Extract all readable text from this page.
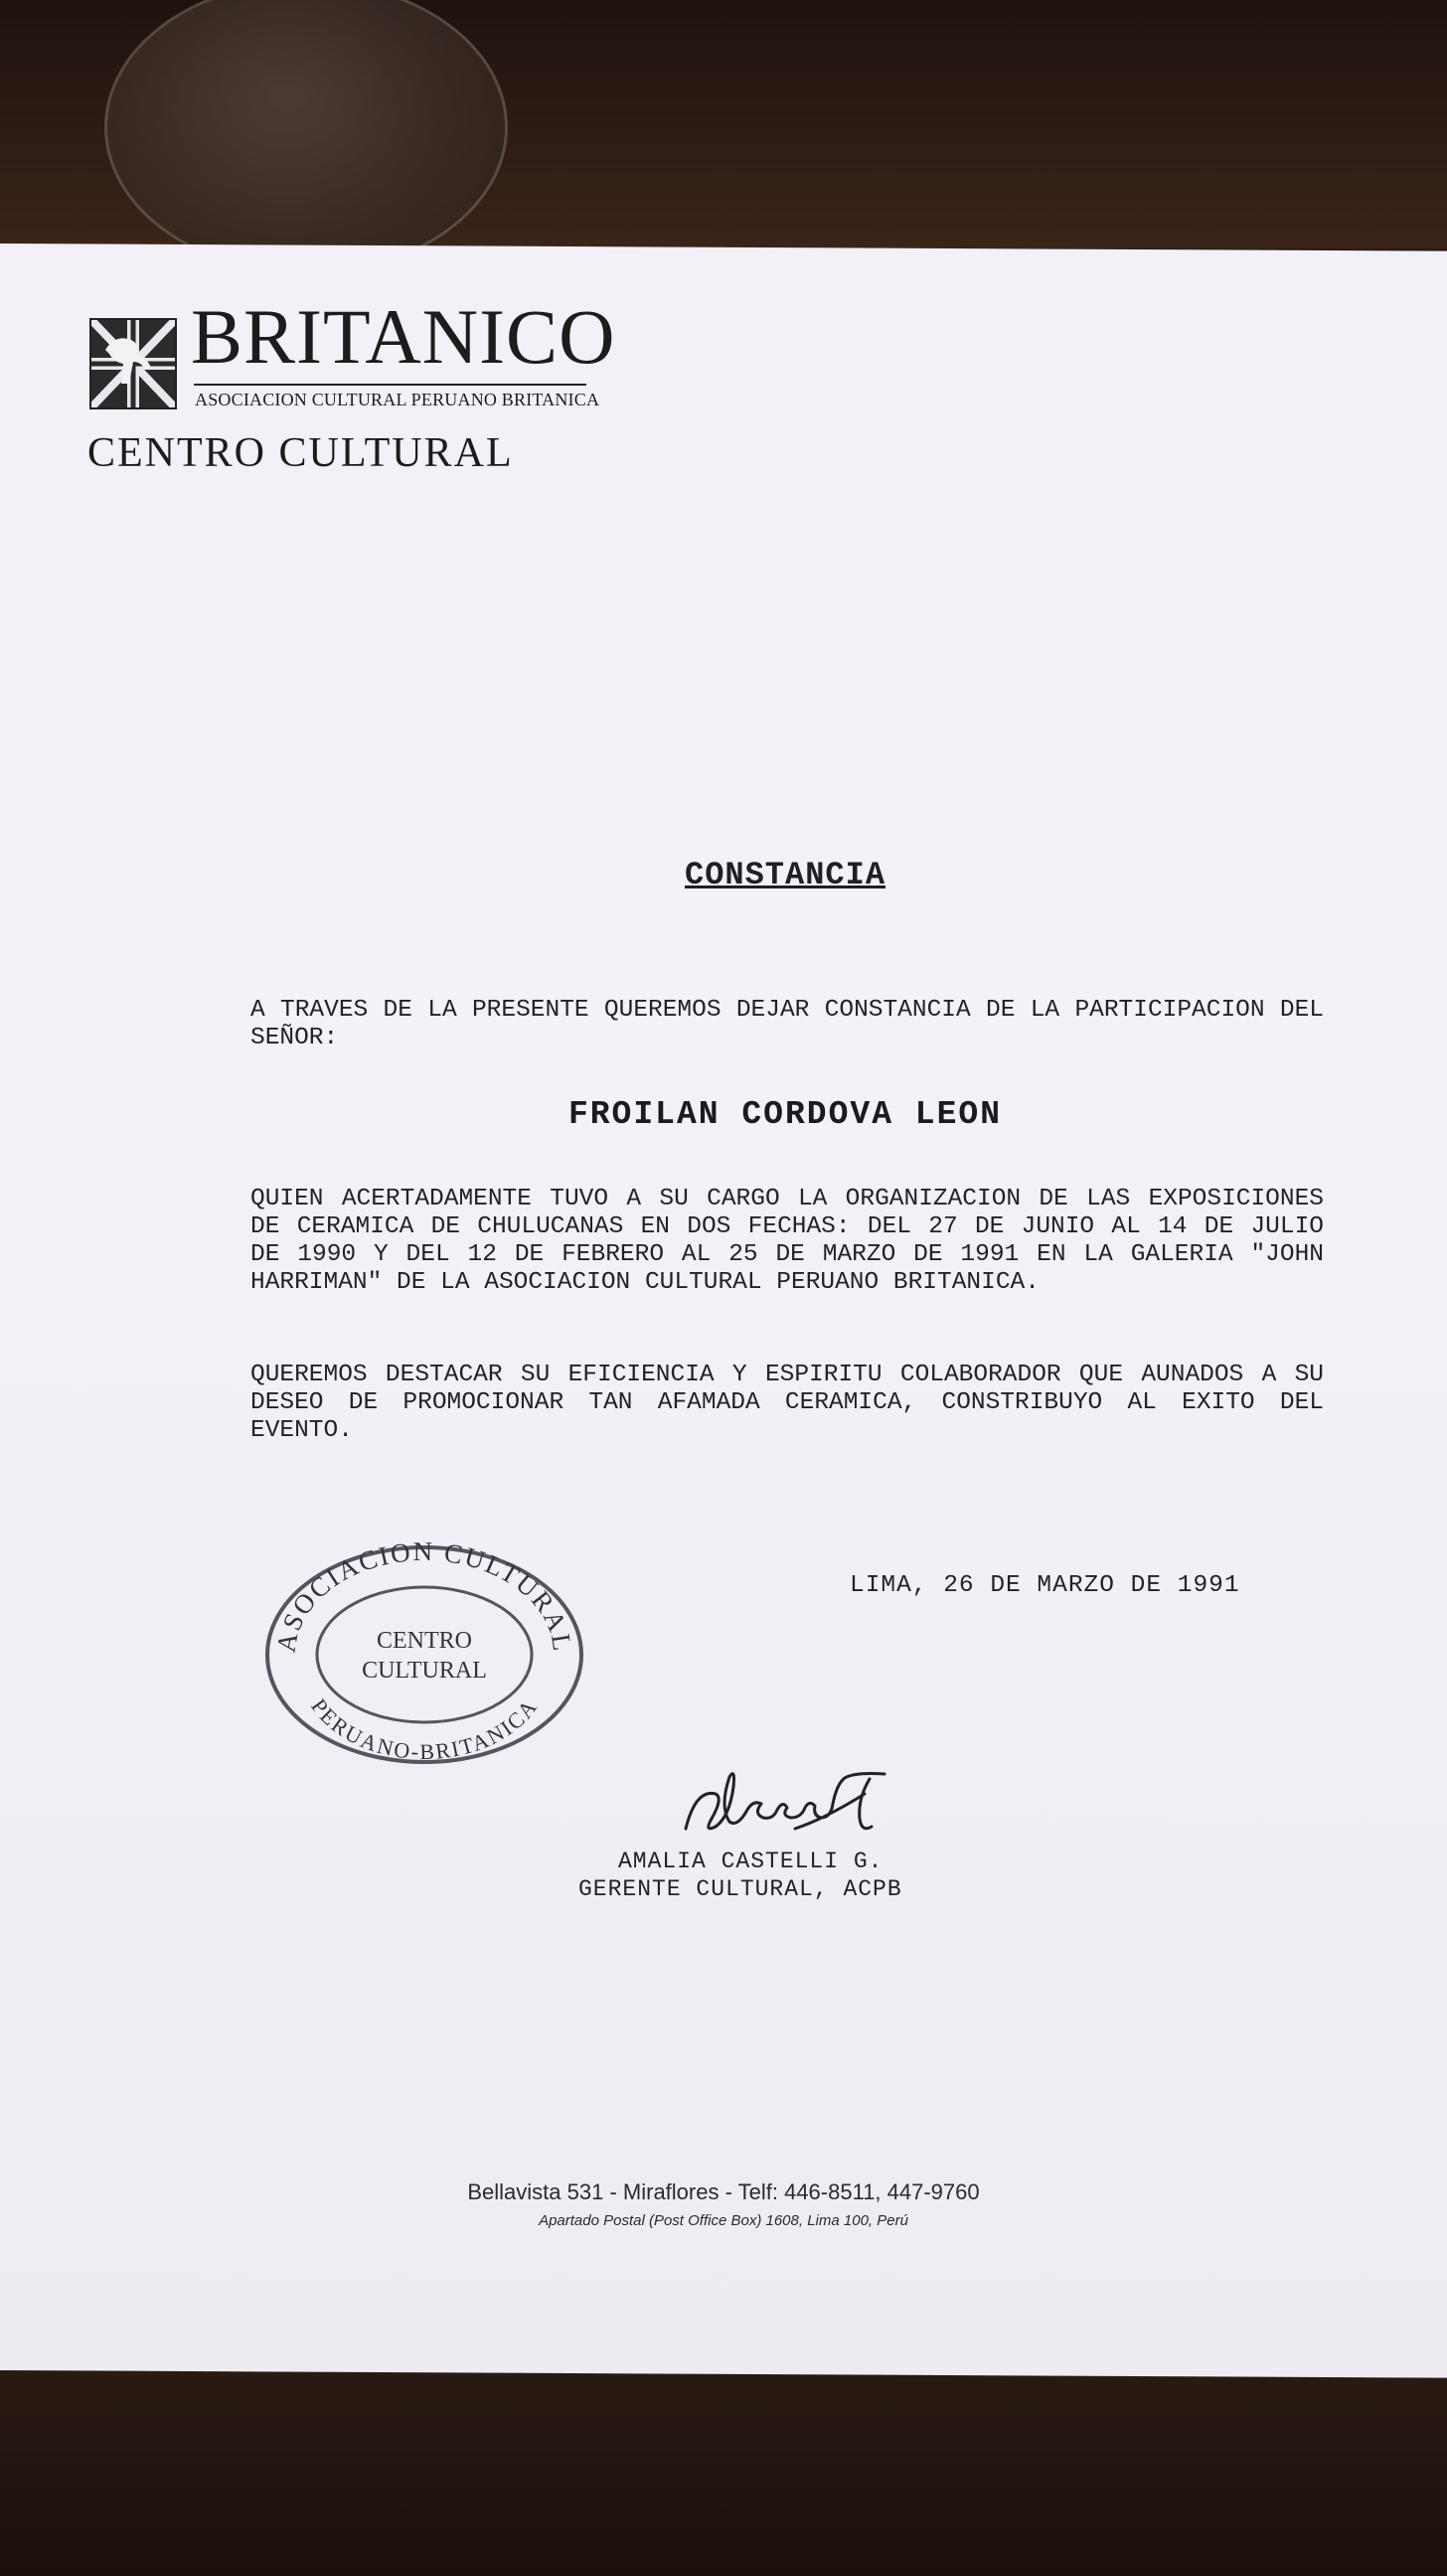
BRITANICO
ASOCIACION CULTURAL PERUANO BRITANICA
CENTRO CULTURAL
CONSTANCIA
A TRAVES DE LA PRESENTE QUEREMOS DEJAR CONSTANCIA DE LA PARTICIPACION DEL SEÑOR:
FROILAN CORDOVA LEON
QUIEN ACERTADAMENTE TUVO A SU CARGO LA ORGANIZACION DE LAS EXPOSICIONES DE CERAMICA DE CHULUCANAS EN DOS FECHAS: DEL 27 DE JUNIO AL 14 DE JULIO DE 1990 Y DEL 12 DE FEBRERO AL 25 DE MARZO DE 1991 EN LA GALERIA "JOHN HARRIMAN" DE LA ASOCIACION CULTURAL PERUANO BRITANICA.
QUEREMOS DESTACAR SU EFICIENCIA Y ESPIRITU COLABORADOR QUE AUNADOS A SU DESEO DE PROMOCIONAR TAN AFAMADA CERAMICA, CONSTRIBUYO AL EXITO DEL EVENTO.
LIMA, 26 DE MARZO DE 1991
ASOCIACION CULTURAL
PERUANO-BRITANICA
CENTRO
CULTURAL
AMALIA CASTELLI G.
GERENTE CULTURAL, ACPB
Bellavista 531 - Miraflores - Telf: 446-8511, 447-9760
Apartado Postal (Post Office Box) 1608, Lima 100, Perú
